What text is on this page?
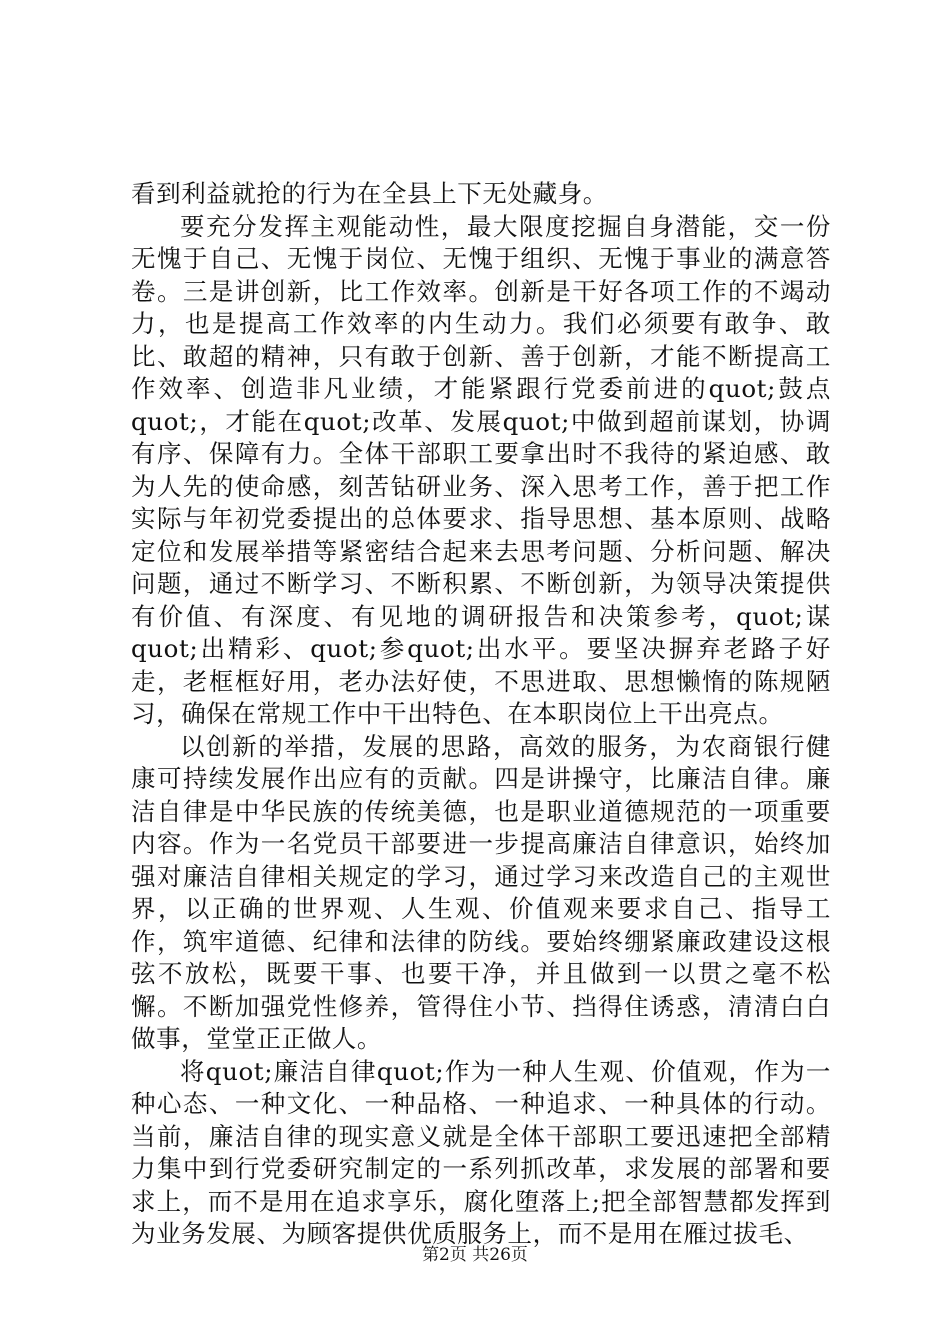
看到利益就抢的行为在全县上下无处藏身。

要充分发挥主观能动性，最大限度挖掘自身潜能，交一份无愧于自己、无愧于岗位、无愧于组织、无愧于事业的满意答卷。三是讲创新，比工作效率。创新是干好各项工作的不竭动力，也是提高工作效率的内生动力。我们必须要有敢争、敢比、敢超的精神，只有敢于创新、善于创新，才能不断提高工作效率、创造非凡业绩，才能紧跟行党委前进的quot;鼓点quot;，才能在quot;改革、发展quot;中做到超前谋划，协调有序、保障有力。全体干部职工要拿出时不我待的紧迫感、敢为人先的使命感，刻苦钻研业务、深入思考工作，善于把工作实际与年初党委提出的总体要求、指导思想、基本原则、战略定位和发展举措等紧密结合起来去思考问题、分析问题、解决问题，通过不断学习、不断积累、不断创新，为领导决策提供有价值、有深度、有见地的调研报告和决策参考，quot;谋quot;出精彩、quot;参quot;出水平。要坚决摒弃老路子好走，老框框好用，老办法好使，不思进取、思想懒惰的陈规陋习，确保在常规工作中干出特色、在本职岗位上干出亮点。

以创新的举措，发展的思路，高效的服务，为农商银行健康可持续发展作出应有的贡献。四是讲操守，比廉洁自律。廉洁自律是中华民族的传统美德，也是职业道德规范的一项重要内容。作为一名党员干部要进一步提高廉洁自律意识，始终加强对廉洁自律相关规定的学习，通过学习来改造自己的主观世界，以正确的世界观、人生观、价值观来要求自己、指导工作，筑牢道德、纪律和法律的防线。要始终绷紧廉政建设这根弦不放松，既要干事、也要干净，并且做到一以贯之毫不松懈。不断加强党性修养，管得住小节、挡得住诱惑，清清白白做事，堂堂正正做人。

将quot;廉洁自律quot;作为一种人生观、价值观，作为一种心态、一种文化、一种品格、一种追求、一种具体的行动。当前，廉洁自律的现实意义就是全体干部职工要迅速把全部精力集中到行党委研究制定的一系列抓改革，求发展的部署和要求上，而不是用在追求享乐，腐化堕落上;把全部智慧都发挥到为业务发展、为顾客提供优质服务上，而不是用在雁过拔毛、

第2页 共26页
